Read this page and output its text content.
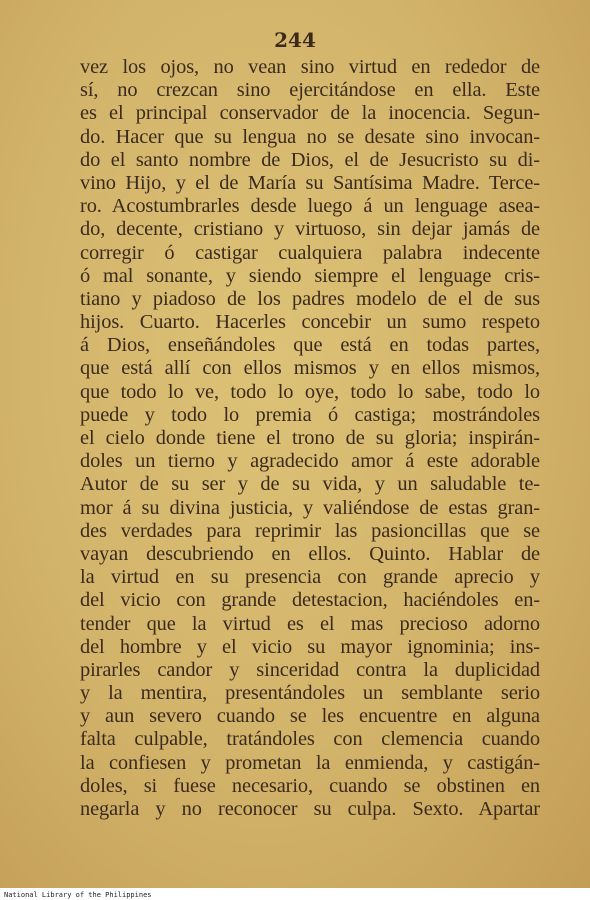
244
vez los ojos, no vean sino virtud en rededor de
sí, no crezcan sino ejercitándose en ella. Este
es el principal conservador de la inocencia. Segun-
do. Hacer que su lengua no se desate sino invocan-
do el santo nombre de Dios, el de Jesucristo su di-
vino Hijo, y el de María su Santísima Madre. Terce-
ro. Acostumbrarles desde luego á un lenguage asea-
do, decente, cristiano y virtuoso, sin dejar jamás de
corregir ó castigar cualquiera palabra indecente
ó mal sonante, y siendo siempre el lenguage cris-
tiano y piadoso de los padres modelo de el de sus
hijos. Cuarto. Hacerles concebir un sumo respeto
á Dios, enseñándoles que está en todas partes,
que está allí con ellos mismos y en ellos mismos,
que todo lo ve, todo lo oye, todo lo sabe, todo lo
puede y todo lo premia ó castiga; mostrándoles
el cielo donde tiene el trono de su gloria; inspirán-
doles un tierno y agradecido amor á este adorable
Autor de su ser y de su vida, y un saludable te-
mor á su divina justicia, y valiéndose de estas gran-
des verdades para reprimir las pasioncillas que se
vayan descubriendo en ellos. Quinto. Hablar de
la virtud en su presencia con grande aprecio y
del vicio con grande detestacion, haciéndoles en-
tender que la virtud es el mas precioso adorno
del hombre y el vicio su mayor ignominia; ins-
pirarles candor y sinceridad contra la duplicidad
y la mentira, presentándoles un semblante serio
y aun severo cuando se les encuentre en alguna
falta culpable, tratándoles con clemencia cuando
la confiesen y prometan la enmienda, y castigán-
doles, si fuese necesario, cuando se obstinen en
negarla y no reconocer su culpa. Sexto. Apartar
National Library of the Philippines
